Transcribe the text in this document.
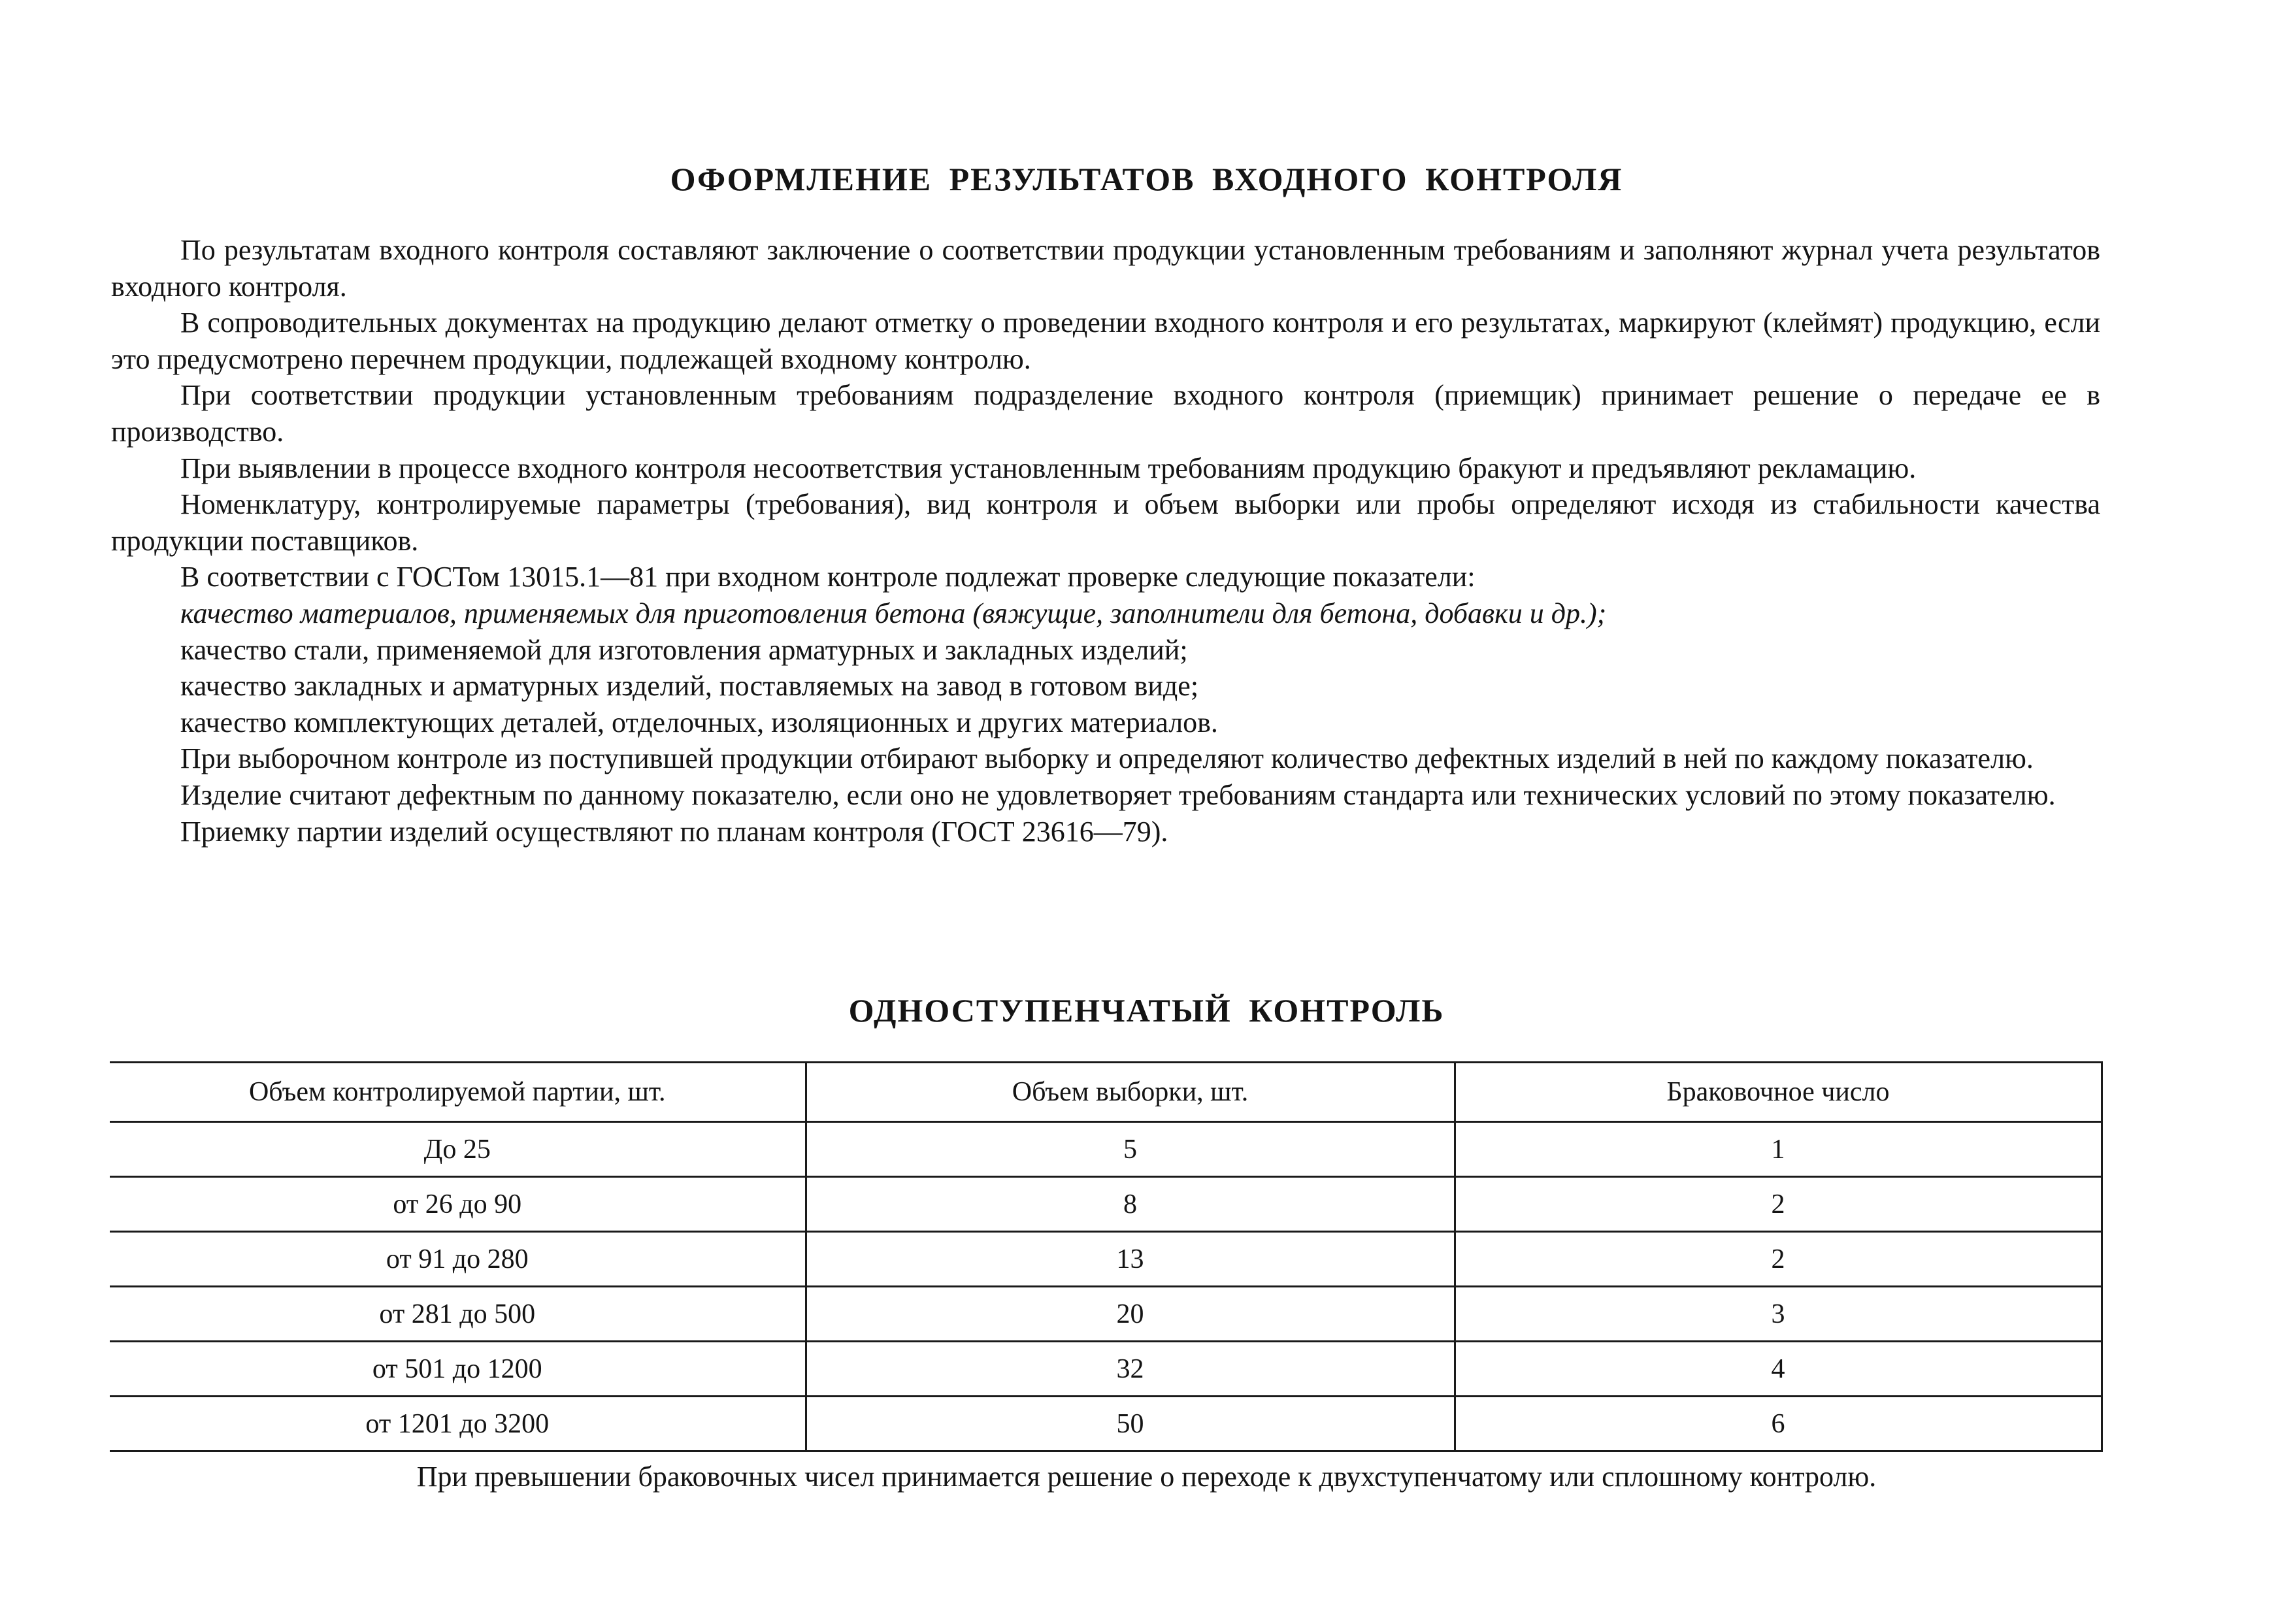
ОФОРМЛЕНИЕ РЕЗУЛЬТАТОВ ВХОДНОГО КОНТРОЛЯ

По результатам входного контроля составляют заключение о соответствии продукции установленным требованиям и заполняют журнал учета результатов входного контроля.

В сопроводительных документах на продукцию делают отметку о проведении входного контроля и его результатах, маркируют (клеймят) продукцию, если это предусмотрено перечнем продукции, подлежащей входному контролю.

При соответствии продукции установленным требованиям подразделение входного контроля (приемщик) принимает решение о передаче ее в производство.

При выявлении в процессе входного контроля несоответствия установленным требованиям продукцию бракуют и предъявляют рекламацию.

Номенклатуру, контролируемые параметры (требования), вид контроля и объем выборки или пробы определяют исходя из стабильности качества продукции поставщиков.

В соответствии с ГОСТом 13015.1—81 при входном контроле подлежат проверке следующие показатели:

качество материалов, применяемых для приготовления бетона (вяжущие, заполнители для бетона, добавки и др.);

качество стали, применяемой для изготовления арматурных и закладных изделий;

качество закладных и арматурных изделий, поставляемых на завод в готовом виде;

качество комплектующих деталей, отделочных, изоляционных и других материалов.

При выборочном контроле из поступившей продукции отбирают выборку и определяют количество дефектных изделий в ней по каждому показателю.

Изделие считают дефектным по данному показателю, если оно не удовлетворяет требованиям стандарта или технических условий по этому показателю.

Приемку партии изделий осуществляют по планам контроля (ГОСТ 23616—79).

ОДНОСТУПЕНЧАТЫЙ КОНТРОЛЬ
Объем контролируемой партии, шт.	Объем выборки, шт.	Браковочное число
До 25	5	1
от 26 до 90	8	2
от 91 до 280	13	2
от 281 до 500	20	3
от 501 до 1200	32	4
от 1201 до 3200	50	6
При превышении браковочных чисел принимается решение о переходе к двухступенчатому или сплошному контролю.
